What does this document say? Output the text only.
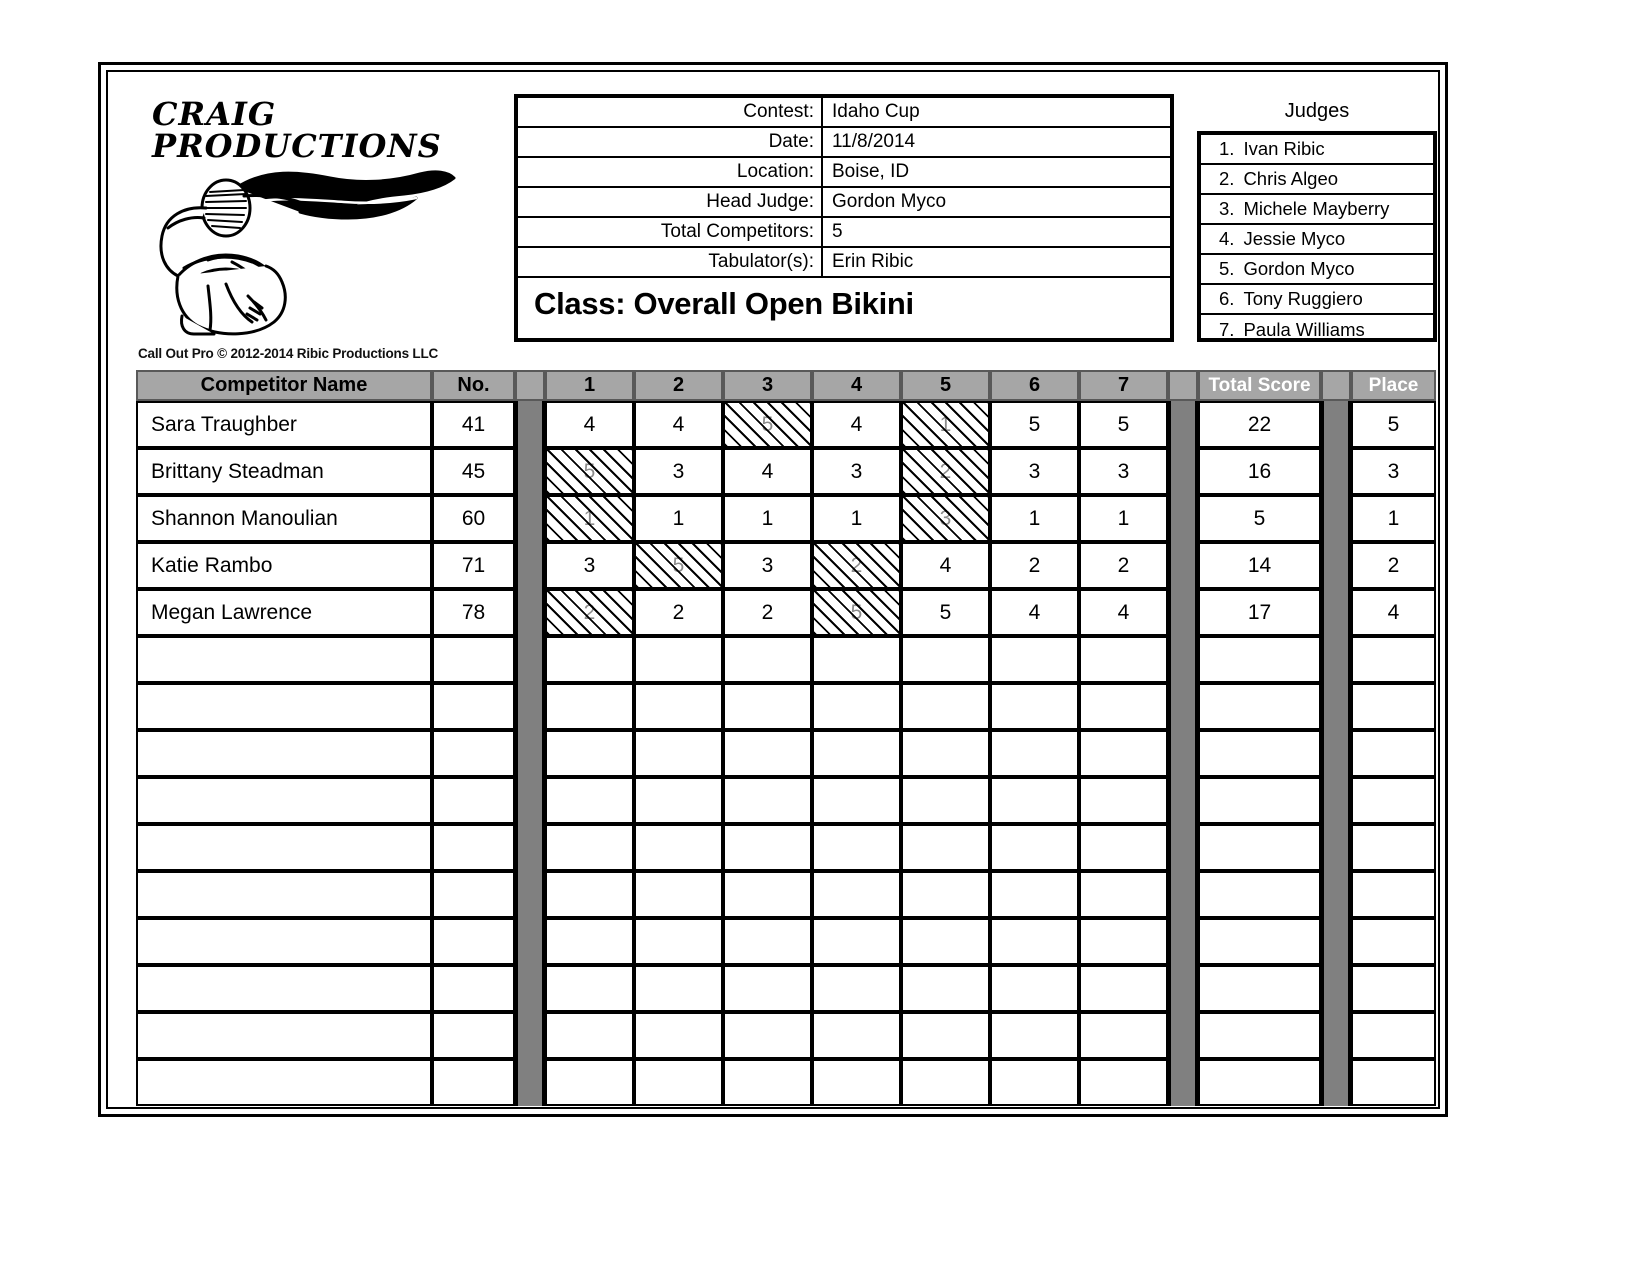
CRAIG
PRODUCTIONS
Call Out Pro © 2012-2014 Ribic Productions LLC
Contest: Idaho Cup
Date: 11/8/2014
Location: Boise, ID
Head Judge: Gordon Myco
Total Competitors: 5
Tabulator(s): Erin Ribic
Class: Overall Open Bikini
Judges
1. Ivan Ribic
2. Chris Algeo
3. Michele Mayberry
4. Jessie Myco
5. Gordon Myco
6. Tony Ruggiero
7. Paula Williams
Competitor Name	No.		1	2	3	4	5	6	7		Total Score		Place

Sara Traughber	41		4	4	5	4	1	5	5		22		5

Brittany Steadman	45		5	3	4	3	2	3	3		16		3

Shannon Manoulian	60		1	1	1	1	3	1	1		5		1

Katie Rambo	71		3	5	3	2	4	2	2		14		2

Megan Lawrence	78		2	2	2	5	5	4	4		17		4
